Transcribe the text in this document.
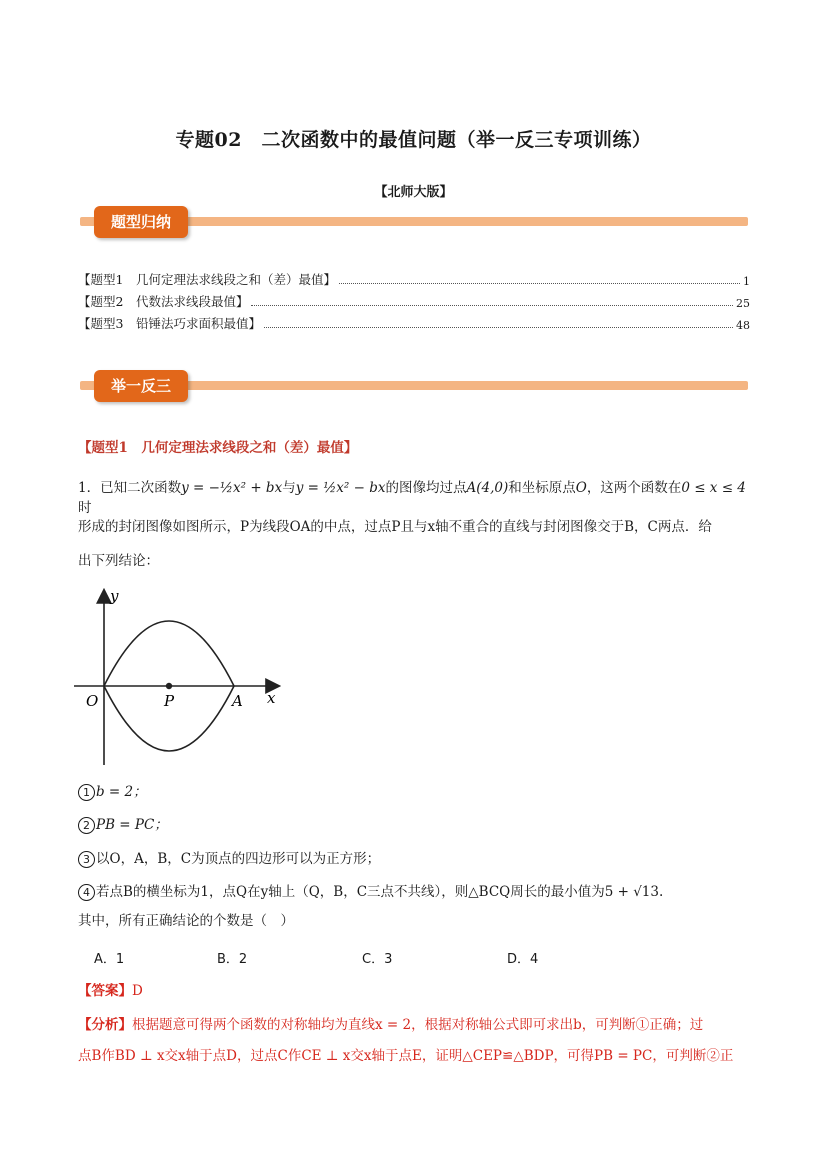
专题02　二次函数中的最值问题（举一反三专项训练）
【北师大版】
题型归纳
【题型1　几何定理法求线段之和（差）最值】	1
【题型2　代数法求线段最值】	25
【题型3　铅锤法巧求面积最值】	48
举一反三
【题型1　几何定理法求线段之和（差）最值】
1．已知二次函数y = −½x² + bx与y = ½x² − bx的图像均过点A(4,0)和坐标原点O，这两个函数在0 ≤ x ≤ 4时
形成的封闭图像如图所示，P为线段OA的中点，过点P且与x轴不重合的直线与封闭图像交于B，C两点．给
出下列结论：
y
x
O	P	A
1 b = 2；
2 PB = PC；
3 以O，A，B，C为顶点的四边形可以为正方形；
4 若点B的横坐标为1，点Q在y轴上（Q，B，C三点不共线），则△BCQ周长的最小值为5 + √13.
其中，所有正确结论的个数是（　）
A．1	B．2	C．3	D．4
【答案】D
【分析】根据题意可得两个函数的对称轴均为直线x = 2，根据对称轴公式即可求出b，可判断①正确；过
点B作BD ⊥ x交x轴于点D，过点C作CE ⊥ x交x轴于点E，证明△CEP≌△BDP，可得PB = PC，可判断②正
